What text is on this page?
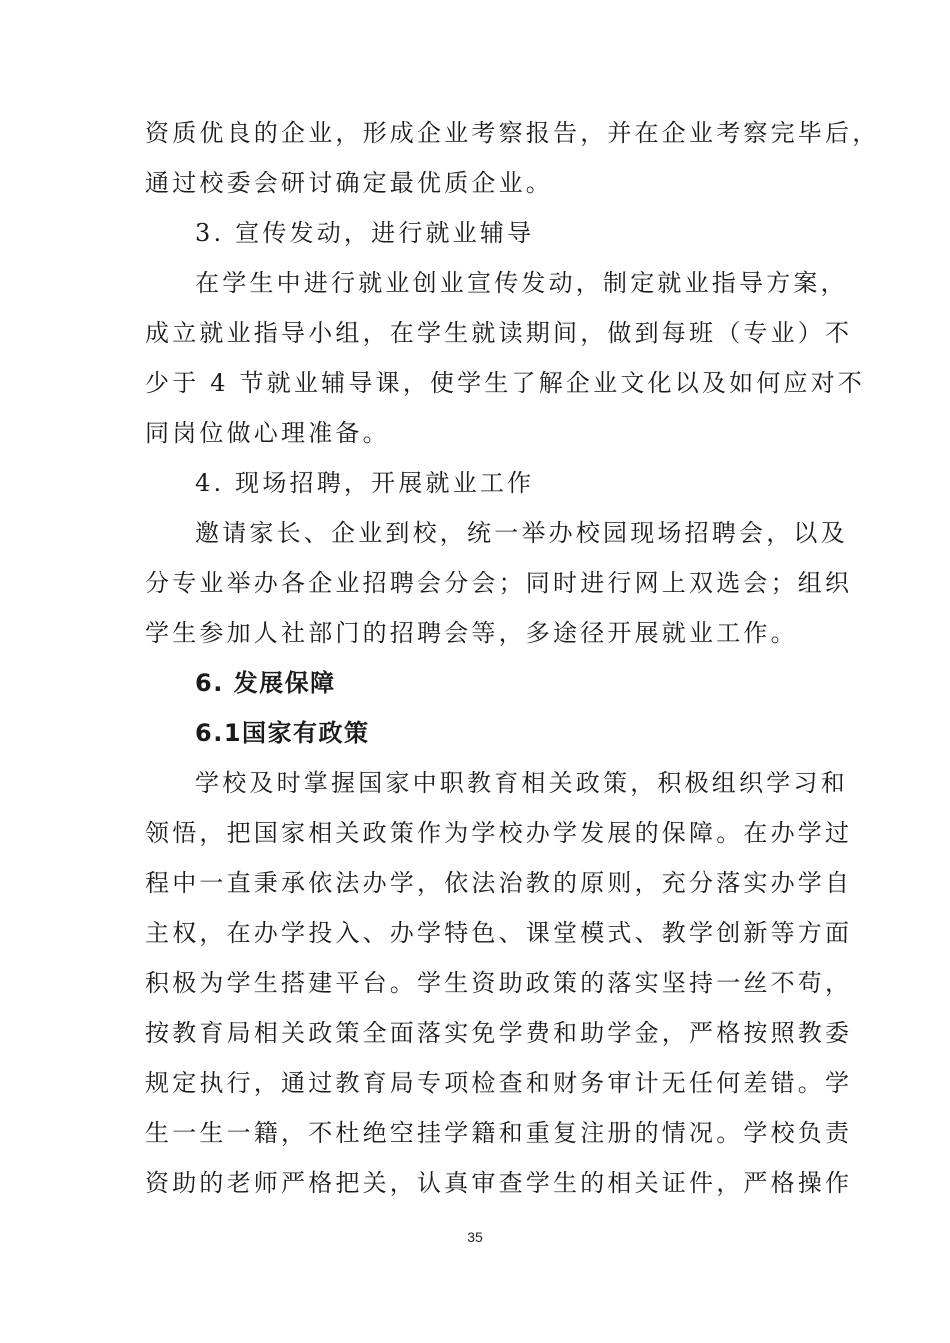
资质优良的企业，形成企业考察报告，并在企业考察完毕后，
通过校委会研讨确定最优质企业。
3. 宣传发动，进行就业辅导
在学生中进行就业创业宣传发动，制定就业指导方案，
成立就业指导小组，在学生就读期间，做到每班（专业）不
少于 4 节就业辅导课，使学生了解企业文化以及如何应对不
同岗位做心理准备。
4. 现场招聘，开展就业工作
邀请家长、企业到校，统一举办校园现场招聘会，以及
分专业举办各企业招聘会分会；同时进行网上双选会；组织
学生参加人社部门的招聘会等，多途径开展就业工作。
6. 发展保障
6.1国家有政策
学校及时掌握国家中职教育相关政策，积极组织学习和
领悟，把国家相关政策作为学校办学发展的保障。在办学过
程中一直秉承依法办学，依法治教的原则，充分落实办学自
主权，在办学投入、办学特色、课堂模式、教学创新等方面
积极为学生搭建平台。学生资助政策的落实坚持一丝不苟，
按教育局相关政策全面落实免学费和助学金，严格按照教委
规定执行，通过教育局专项检查和财务审计无任何差错。学
生一生一籍，不杜绝空挂学籍和重复注册的情况。学校负责
资助的老师严格把关，认真审查学生的相关证件，严格操作
35
